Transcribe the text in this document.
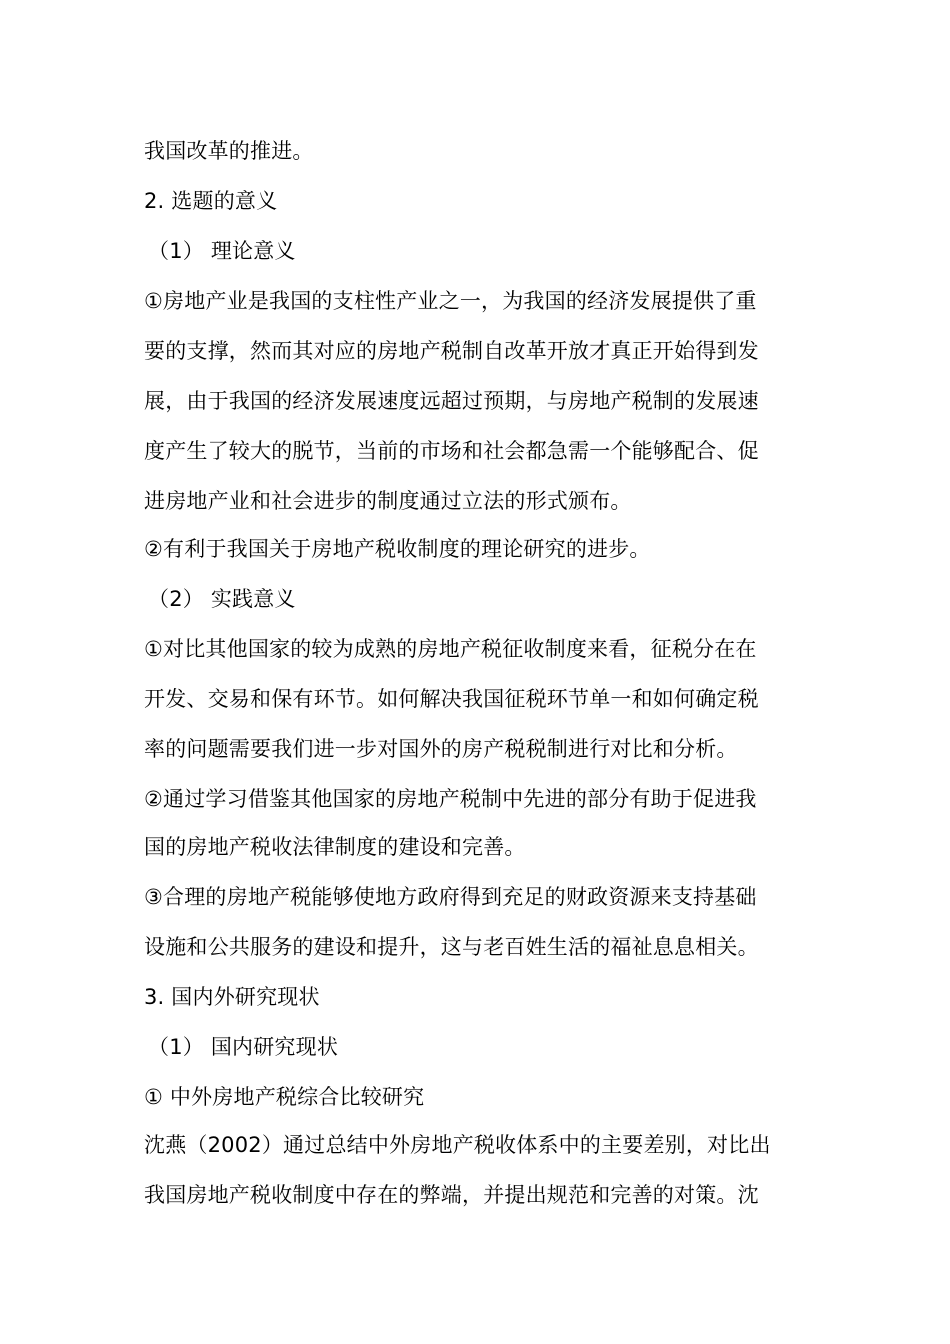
我国改革的推进。
2. 选题的意义
（1） 理论意义
①房地产业是我国的支柱性产业之一，为我国的经济发展提供了重
要的支撑，然而其对应的房地产税制自改革开放才真正开始得到发
展，由于我国的经济发展速度远超过预期，与房地产税制的发展速
度产生了较大的脱节，当前的市场和社会都急需一个能够配合、促
进房地产业和社会进步的制度通过立法的形式颁布。
②有利于我国关于房地产税收制度的理论研究的进步。
（2） 实践意义
①对比其他国家的较为成熟的房地产税征收制度来看，征税分在在
开发、交易和保有环节。如何解决我国征税环节单一和如何确定税
率的问题需要我们进一步对国外的房产税税制进行对比和分析。
②通过学习借鉴其他国家的房地产税制中先进的部分有助于促进我
国的房地产税收法律制度的建设和完善。
③合理的房地产税能够使地方政府得到充足的财政资源来支持基础
设施和公共服务的建设和提升，这与老百姓生活的福祉息息相关。
3. 国内外研究现状
（1） 国内研究现状
① 中外房地产税综合比较研究
沈燕（2002）通过总结中外房地产税收体系中的主要差别，对比出
我国房地产税收制度中存在的弊端，并提出规范和完善的对策。沈
